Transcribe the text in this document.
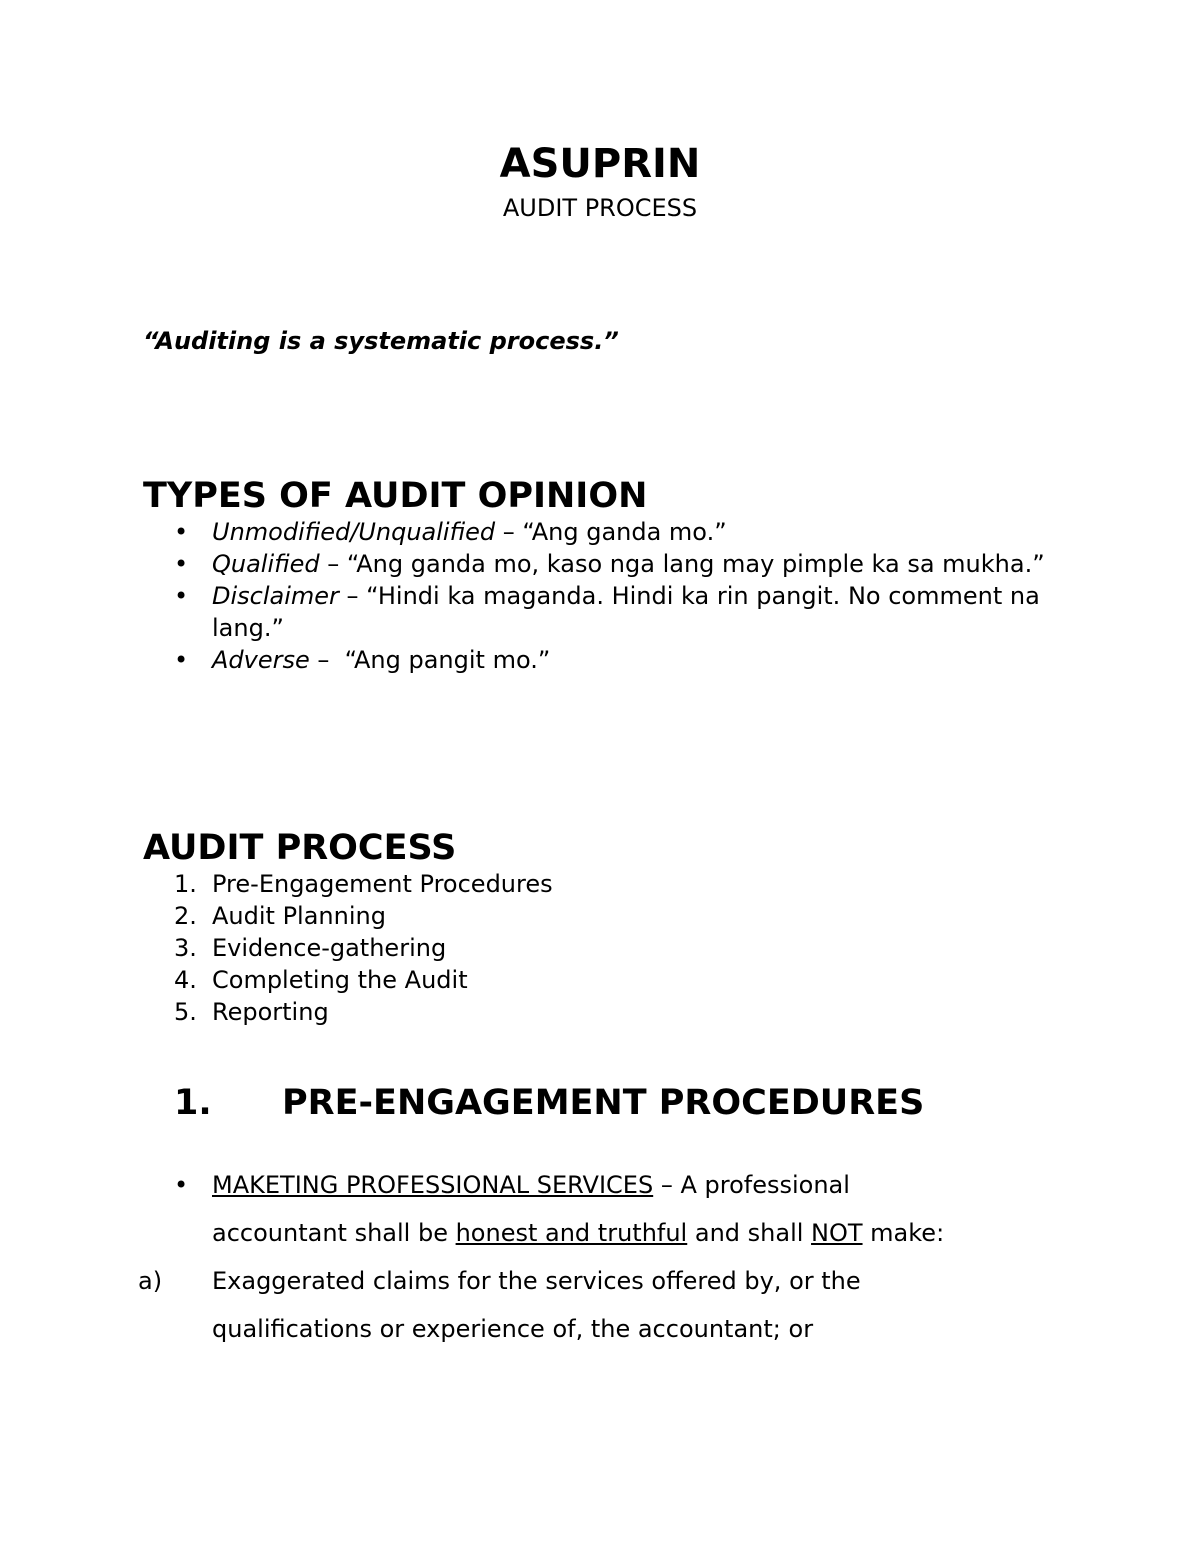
ASUPRIN
AUDIT PROCESS
“Auditing is a systematic process.”
TYPES OF AUDIT OPINION
• Unmodified/Unqualified – “Ang ganda mo.”
• Qualified – “Ang ganda mo, kaso nga lang may pimple ka sa mukha.”
• Disclaimer – “Hindi ka maganda. Hindi ka rin pangit. No comment na lang.”
• Adverse –  “Ang pangit mo.”
AUDIT PROCESS
1. Pre-Engagement Procedures
2. Audit Planning
3. Evidence-gathering
4. Completing the Audit
5. Reporting
1. PRE-ENGAGEMENT PROCEDURES
• MAKETING PROFESSIONAL SERVICES – A professional
accountant shall be honest and truthful and shall NOT make:
a) Exaggerated claims for the services offered by, or the
qualifications or experience of, the accountant; or
